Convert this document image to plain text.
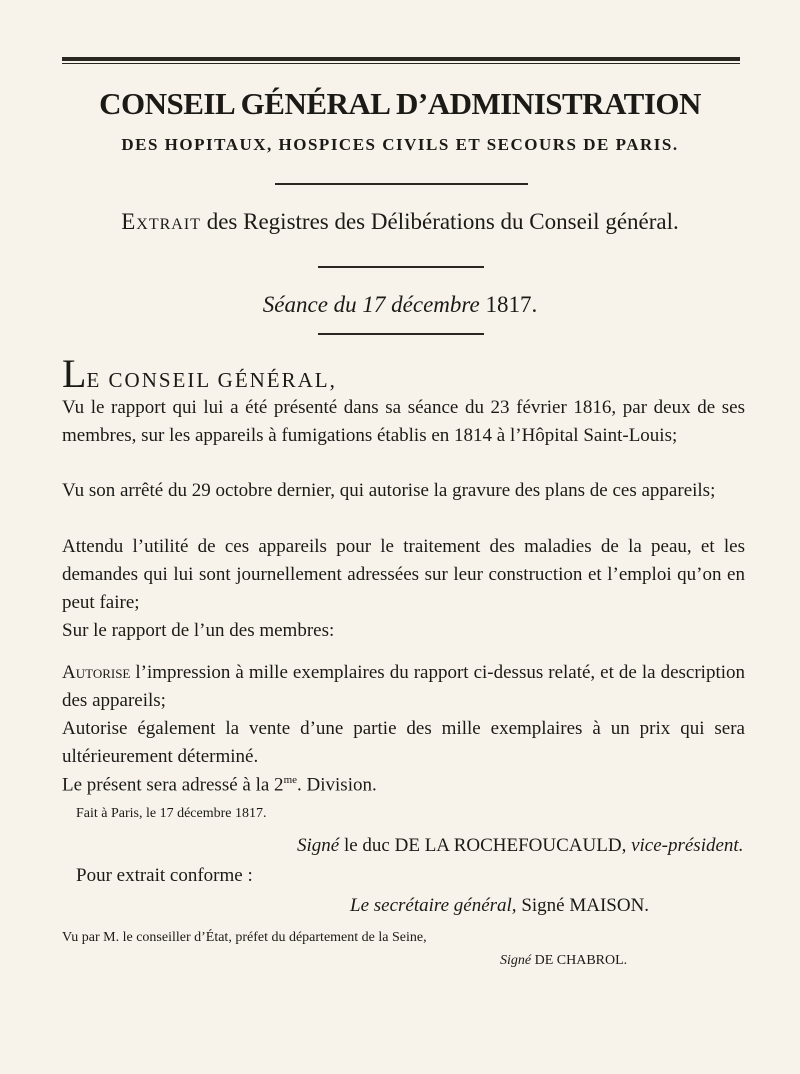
CONSEIL GÉNÉRAL D’ADMINISTRATION
DES HOPITAUX, HOSPICES CIVILS ET SECOURS DE PARIS.
Extrait des Registres des Délibérations du Conseil général.
Séance du 17 décembre 1817.
LE CONSEIL GÉNÉRAL,
Vu le rapport qui lui a été présenté dans sa séance du 23 février 1816, par deux de ses membres, sur les appareils à fumigations établis en 1814 à l’Hôpital Saint-Louis;
Vu son arrêté du 29 octobre dernier, qui autorise la gravure des plans de ces appareils;
Attendu l’utilité de ces appareils pour le traitement des maladies de la peau, et les demandes qui lui sont journellement adressées sur leur construction et l’emploi qu’on en peut faire;
Sur le rapport de l’un des membres:
Autorise l’impression à mille exemplaires du rapport ci-dessus relaté, et de la description des appareils;
Autorise également la vente d’une partie des mille exemplaires à un prix qui sera ultérieurement déterminé.
Le présent sera adressé à la $2^{me}$. Division.
Fait à Paris, le 17 décembre 1817.
Signé le duc DE LA ROCHEFOUCAULD, vice-président.
Pour extrait conforme :
Le secrétaire général, Signé MAISON.
Vu par M. le conseiller d’État, préfet du département de la Seine,
Signé DE CHABROL.
